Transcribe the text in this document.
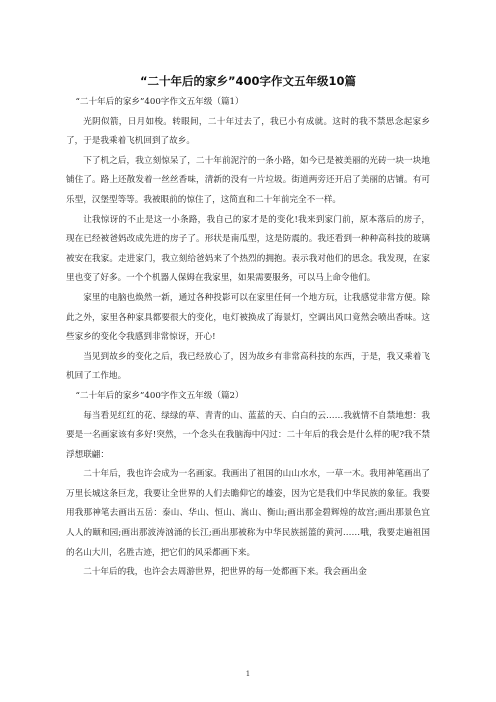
“二十年后的家乡”400字作文五年级10篇

“二十年后的家乡”400字作文五年级（篇1）

光阴似箭，日月如梭。转眼间，二十年过去了，我已小有成就。这时的我不禁思念起家乡了，于是我乘着飞机回到了故乡。

下了机之后，我立刻惊呆了，二十年前泥泞的一条小路，如今已是被美丽的光砖一块一块地铺住了。路上还散发着一丝丝香味，清新的没有一片垃圾。街道两旁还开启了美丽的店铺。有可乐型，汉堡型等等。我被眼前的惊住了，这简直和二十年前完全不一样。

让我惊讶的不止是这一小条路，我自己的家才是的变化!我来到家门前，原本落后的房子，现在已经被爸妈改成先进的房子了。形状是南瓜型，这是防震的。我还看到一种种高科技的玻璃被安在我家。走进家门，我立刻给爸妈来了个热烈的拥抱。表示我对他们的思念。我发现，在家里也变了好多。一个个机器人保姆在我家里，如果需要服务，可以马上命令他们。

家里的电脑也焕然一新，通过各种投影可以在家里任何一个地方玩，让我感觉非常方便。除此之外，家里各种家具都要很大的变化，电灯被换成了海景灯，空调出风口竟然会喷出香味。这些家乡的变化令我感到非常惊讶，开心!

当见到故乡的变化之后，我已经放心了，因为故乡有非常高科技的东西，于是，我又乘着飞机回了工作地。

“二十年后的家乡”400字作文五年级（篇2）

每当看见红红的花、绿绿的草、青青的山、蓝蓝的天、白白的云……我就情不自禁地想：我要是一名画家该有多好!突然，一个念头在我脑海中闪过：二十年后的我会是什么样的呢?我不禁浮想联翩：

二十年后，我也许会成为一名画家。我画出了祖国的山山水水，一草一木。我用神笔画出了万里长城这条巨龙，我要让全世界的人们去瞻仰它的雄姿，因为它是我们中华民族的象征。我要用我那神笔去画出五岳：泰山、华山、恒山、嵩山、衡山;画出那金碧辉煌的故宫;画出那景色宜人人的颐和园;画出那波涛汹涌的长江;画出那被称为中华民族摇篮的黄河……哦，我要走遍祖国的名山大川，名胜古迹，把它们的风采都画下来。

二十年后的我，也许会去周游世界，把世界的每一处都画下来。我会画出金

1
